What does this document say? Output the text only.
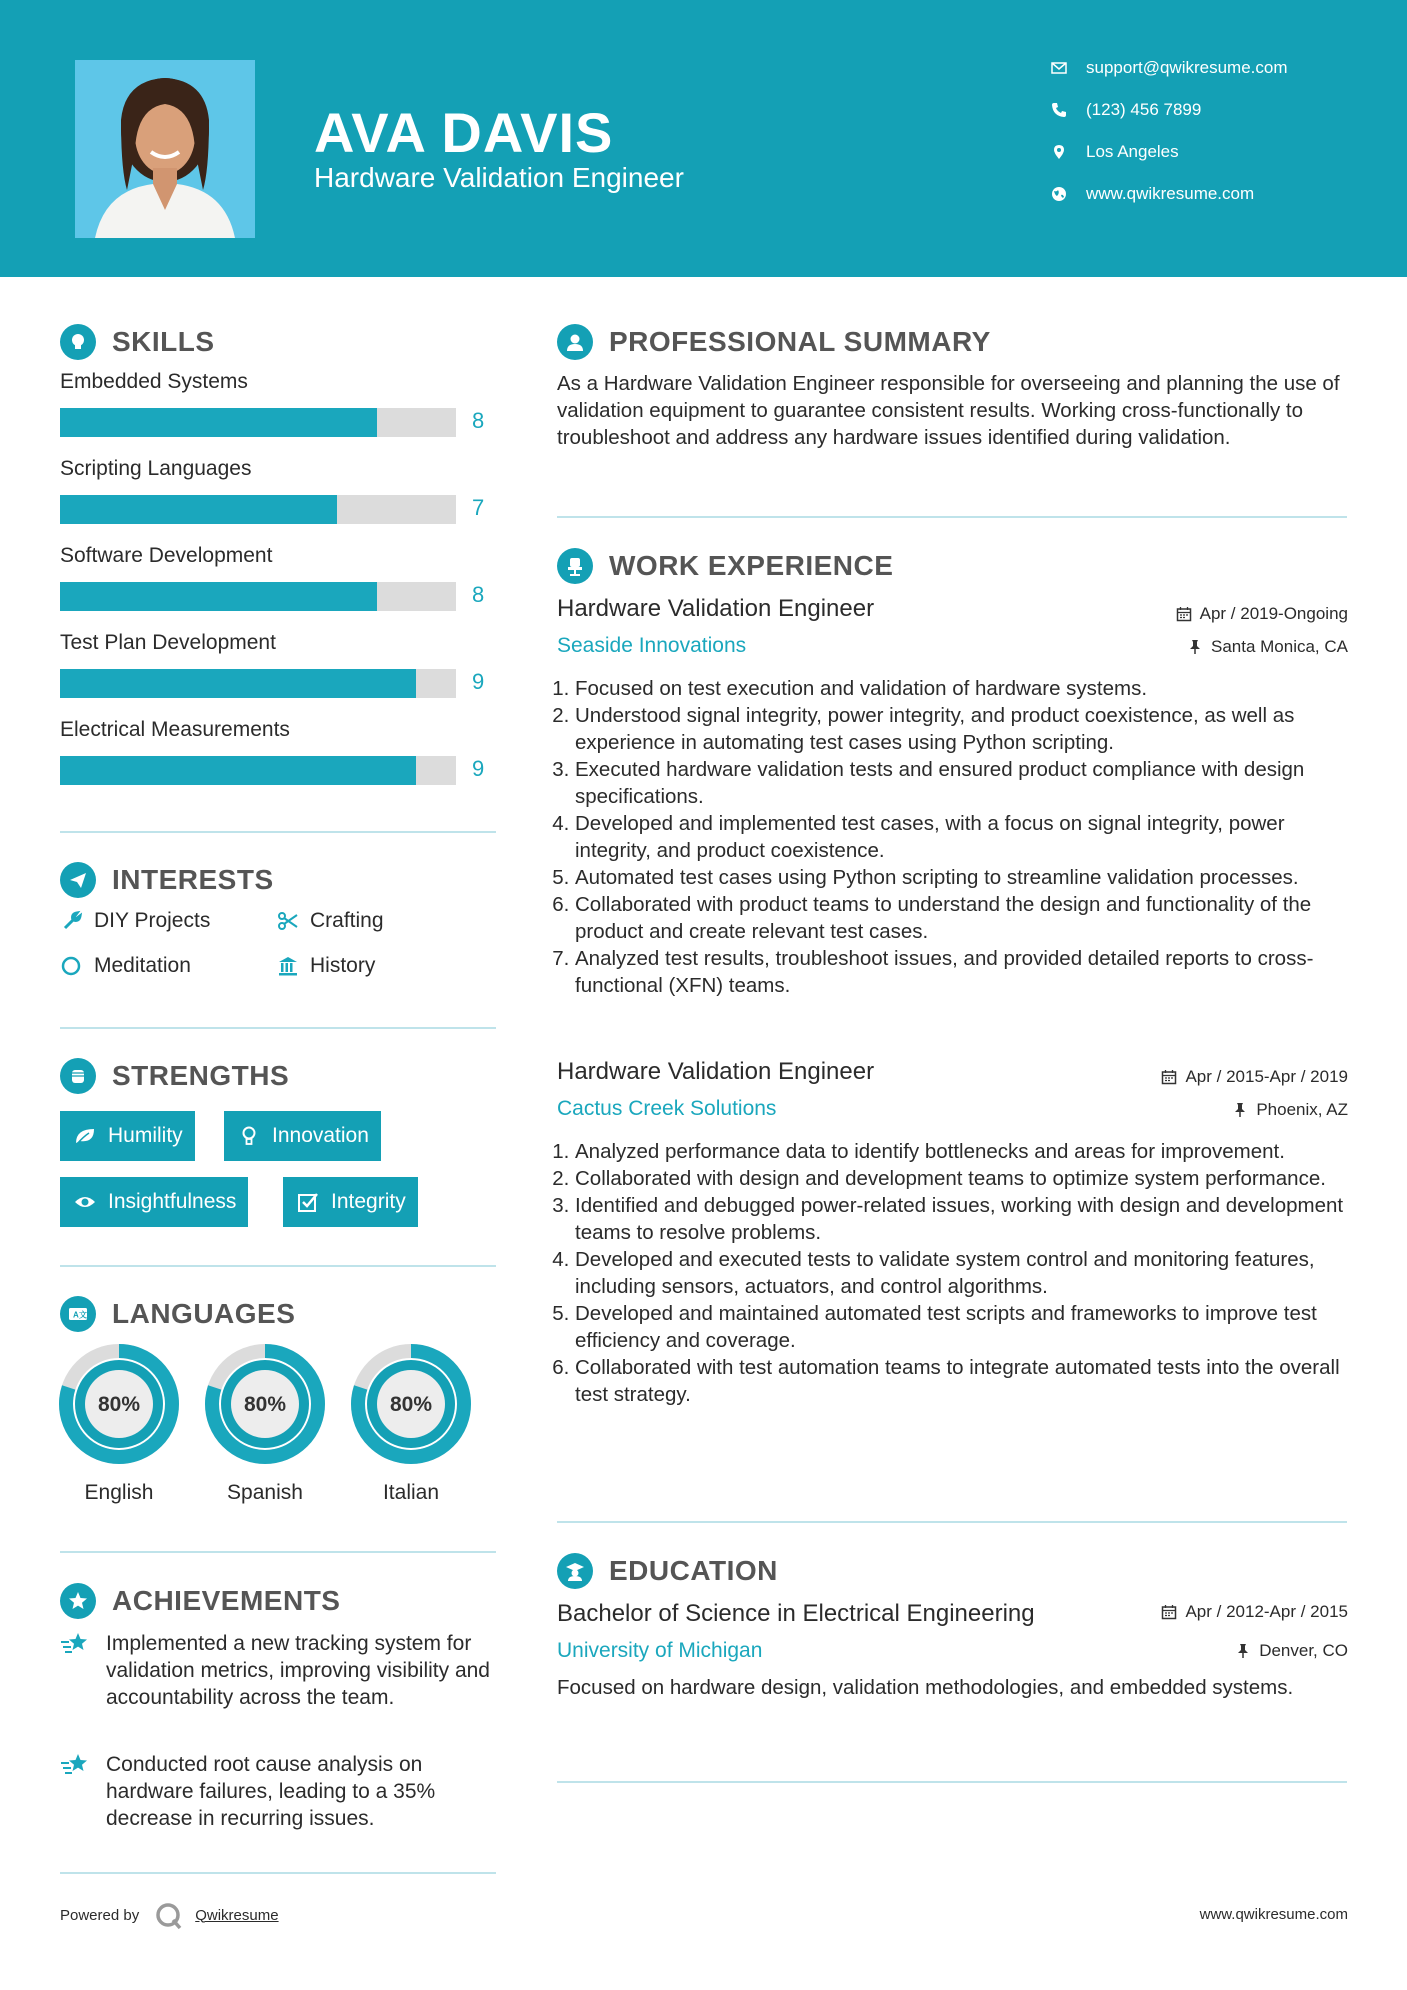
AVA DAVIS
Hardware Validation Engineer
support@qwikresume.com
(123) 456 7899
Los Angeles
www.qwikresume.com
SKILLS
Embedded Systems
8
Scripting Languages
7
Software Development
8
Test Plan Development
9
Electrical Measurements
9
INTERESTS
DIY Projects	Crafting
Meditation	History
STRENGTHS
Humility	Innovation
Insightfulness	Integrity
A 文 LANGUAGES
80%
English
80%
Spanish
80%
Italian
ACHIEVEMENTS
Implemented a new tracking system for validation metrics, improving visibility and accountability across the team.
Conducted root cause analysis on hardware failures, leading to a 35% decrease in recurring issues.
PROFESSIONAL SUMMARY
As a Hardware Validation Engineer responsible for overseeing and planning the use of validation equipment to guarantee consistent results. Working cross-functionally to troubleshoot and address any hardware issues identified during validation.
WORK EXPERIENCE
Hardware Validation Engineer	Apr / 2019-Ongoing
Seaside Innovations	Santa Monica, CA
1. Focused on test execution and validation of hardware systems.
2. Understood signal integrity, power integrity, and product coexistence, as well as experience in automating test cases using Python scripting.
3. Executed hardware validation tests and ensured product compliance with design specifications.
4. Developed and implemented test cases, with a focus on signal integrity, power integrity, and product coexistence.
5. Automated test cases using Python scripting to streamline validation processes.
6. Collaborated with product teams to understand the design and functionality of the product and create relevant test cases.
7. Analyzed test results, troubleshoot issues, and provided detailed reports to cross-functional (XFN) teams.
Hardware Validation Engineer	Apr / 2015-Apr / 2019
Cactus Creek Solutions	Phoenix, AZ
1. Analyzed performance data to identify bottlenecks and areas for improvement.
2. Collaborated with design and development teams to optimize system performance.
3. Identified and debugged power-related issues, working with design and development teams to resolve problems.
4. Developed and executed tests to validate system control and monitoring features, including sensors, actuators, and control algorithms.
5. Developed and maintained automated test scripts and frameworks to improve test efficiency and coverage.
6. Collaborated with test automation teams to integrate automated tests into the overall test strategy.
EDUCATION
Bachelor of Science in Electrical Engineering	Apr / 2012-Apr / 2015
University of Michigan	Denver, CO
Focused on hardware design, validation methodologies, and embedded systems.
Powered by	Qwikresume	www.qwikresume.com
